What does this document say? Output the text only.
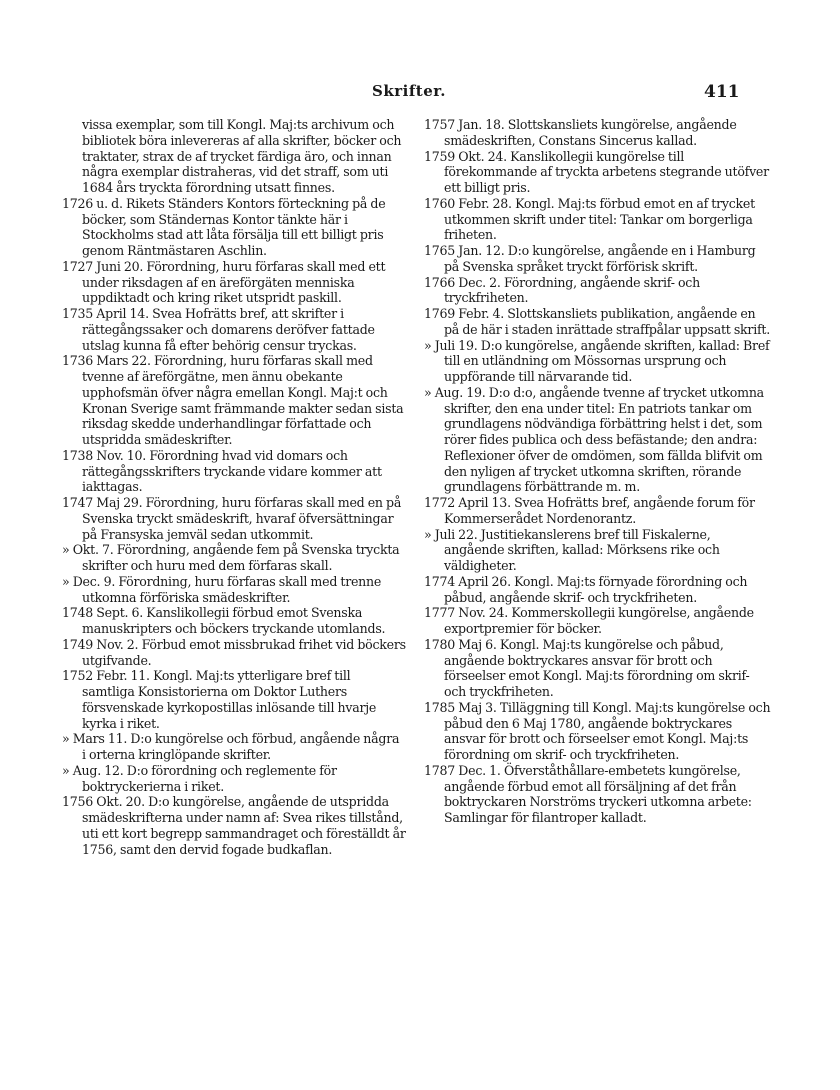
Skrifter.	411

vissa exemplar, som till Kongl. Maj:ts archivum och bibliotek böra inlevereras af alla skrifter, böcker och traktater, strax de af trycket färdiga äro, och innan några exemplar distraheras, vid det straff, som uti 1684 års tryckta förordning utsatt finnes.

1726 u. d. Rikets Ständers Kontors förteckning på de böcker, som Ständernas Kontor tänkte här i Stockholms stad att låta försälja till ett billigt pris genom Räntmästaren Aschlin.

1727 Juni 20. Förordning, huru förfaras skall med ett under riksdagen af en äreförgäten menniska uppdiktadt och kring riket utspridt paskill.

1735 April 14. Svea Hofrätts bref, att skrifter i rättegångssaker och domarens deröfver fattade utslag kunna få efter behörig censur tryckas.

1736 Mars 22. Förordning, huru förfaras skall med tvenne af äreförgätne, men ännu obekante upphofsmän öfver några emellan Kongl. Maj:t och Kronan Sverige samt främmande makter sedan sista riksdag skedde underhandlingar författade och utspridda smädeskrifter.

1738 Nov. 10. Förordning hvad vid domars och rättegångsskrifters tryckande vidare kommer att iakttagas.

1747 Maj 29. Förordning, huru förfaras skall med en på Svenska tryckt smädeskrift, hvaraf öfversättningar på Fransyska jemväl sedan utkommit.

» Okt. 7. Förordning, angående fem på Svenska tryckta skrifter och huru med dem förfaras skall.

» Dec. 9. Förordning, huru förfaras skall med trenne utkomna förföriska smädeskrifter.

1748 Sept. 6. Kanslikollegii förbud emot Svenska manuskripters och böckers tryckande utomlands.

1749 Nov. 2. Förbud emot missbrukad frihet vid böckers utgifvande.

1752 Febr. 11. Kongl. Maj:ts ytterligare bref till samtliga Konsistorierna om Doktor Luthers försvenskade kyrkopostillas inlösande till hvarje kyrka i riket.

» Mars 11. D:o kungörelse och förbud, angående några i orterna kringlöpande skrifter.

» Aug. 12. D:o förordning och reglemente för boktryckerierna i riket.

1756 Okt. 20. D:o kungörelse, angående de utspridda smädeskrifterna under namn af: Svea rikes tillstånd, uti ett kort begrepp sammandraget och föreställdt år 1756, samt den dervid fogade budkaflan.

1757 Jan. 18. Slottskansliets kungörelse, angående smädeskriften, Constans Sincerus kallad.

1759 Okt. 24. Kanslikollegii kungörelse till förekommande af tryckta arbetens stegrande utöfver ett billigt pris.

1760 Febr. 28. Kongl. Maj:ts förbud emot en af trycket utkommen skrift under titel: Tankar om borgerliga friheten.

1765 Jan. 12. D:o kungörelse, angående en i Hamburg på Svenska språket tryckt förförisk skrift.

1766 Dec. 2. Förordning, angående skrif- och tryckfriheten.

1769 Febr. 4. Slottskansliets publikation, angående en på de här i staden inrättade straffpålar uppsatt skrift.

» Juli 19. D:o kungörelse, angående skriften, kallad: Bref till en utländning om Mössornas ursprung och uppförande till närvarande tid.

» Aug. 19. D:o d:o, angående tvenne af trycket utkomna skrifter, den ena under titel: En patriots tankar om grundlagens nödvändiga förbättring helst i det, som rörer fides publica och dess befästande; den andra: Reflexioner öfver de omdömen, som fällda blifvit om den nyligen af trycket utkomna skriften, rörande grundlagens förbättrande m. m.

1772 April 13. Svea Hofrätts bref, angående forum för Kommerserådet Nordenorantz.

» Juli 22. Justitiekanslerens bref till Fiskalerne, angående skriften, kallad: Mörksens rike och väldigheter.

1774 April 26. Kongl. Maj:ts förnyade förordning och påbud, angående skrif- och tryckfriheten.

1777 Nov. 24. Kommerskollegii kungörelse, angående exportpremier för böcker.

1780 Maj 6. Kongl. Maj:ts kungörelse och påbud, angående boktryckares ansvar för brott och förseelser emot Kongl. Maj:ts förordning om skrif- och tryckfriheten.

1785 Maj 3. Tilläggning till Kongl. Maj:ts kungörelse och påbud den 6 Maj 1780, angående boktryckares ansvar för brott och förseelser emot Kongl. Maj:ts förordning om skrif- och tryckfriheten.

1787 Dec. 1. Öfverståthållare-embetets kungörelse, angående förbud emot all försäljning af det från boktryckaren Norströms tryckeri utkomna arbete: Samlingar för filantroper kalladt.
